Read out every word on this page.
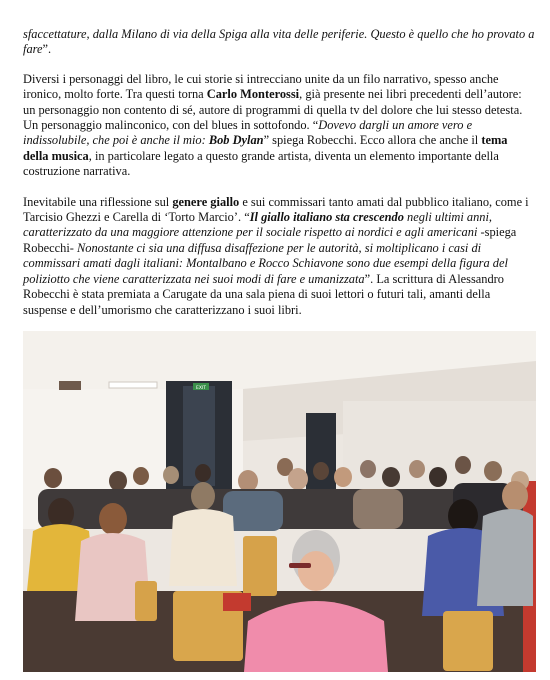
sfaccettature, dalla Milano di via della Spiga alla vita delle periferie. Questo è quello che ho provato a fare”.

Diversi i personaggi del libro, le cui storie si intrecciano unite da un filo narrativo, spesso anche ironico, molto forte. Tra questi torna Carlo Monterossi, già presente nei libri precedenti dell’autore: un personaggio non contento di sé, autore di programmi di quella tv del dolore che lui stesso detesta. Un personaggio malinconico, con del blues in sottofondo. “Dovevo dargli un amore vero e indissolubile, che poi è anche il mio: Bob Dylan” spiega Robecchi. Ecco allora che anche il tema della musica, in particolare legato a questo grande artista, diventa un elemento importante della costruzione narrativa.

Inevitabile una riflessione sul genere giallo e sui commissari tanto amati dal pubblico italiano, come i Tarcisio Ghezzi e Carella di ‘Torto Marcio’. “Il giallo italiano sta crescendo negli ultimi anni, caratterizzato da una maggiore attenzione per il sociale rispetto ai nordici e agli americani -spiega Robecchi- Nonostante ci sia una diffusa disaffezione per le autorità, si moltiplicano i casi di commissari amati dagli italiani: Montalbano e Rocco Schiavone sono due esempi della figura del poliziotto che viene caratterizzata nei suoi modi di fare e umanizzata”. La scrittura di Alessandro Robecchi è stata premiata a Carugate da una sala piena di suoi lettori o futuri tali, amanti della suspense e dell’umorismo che caratterizzano i suoi libri.

EXIT
